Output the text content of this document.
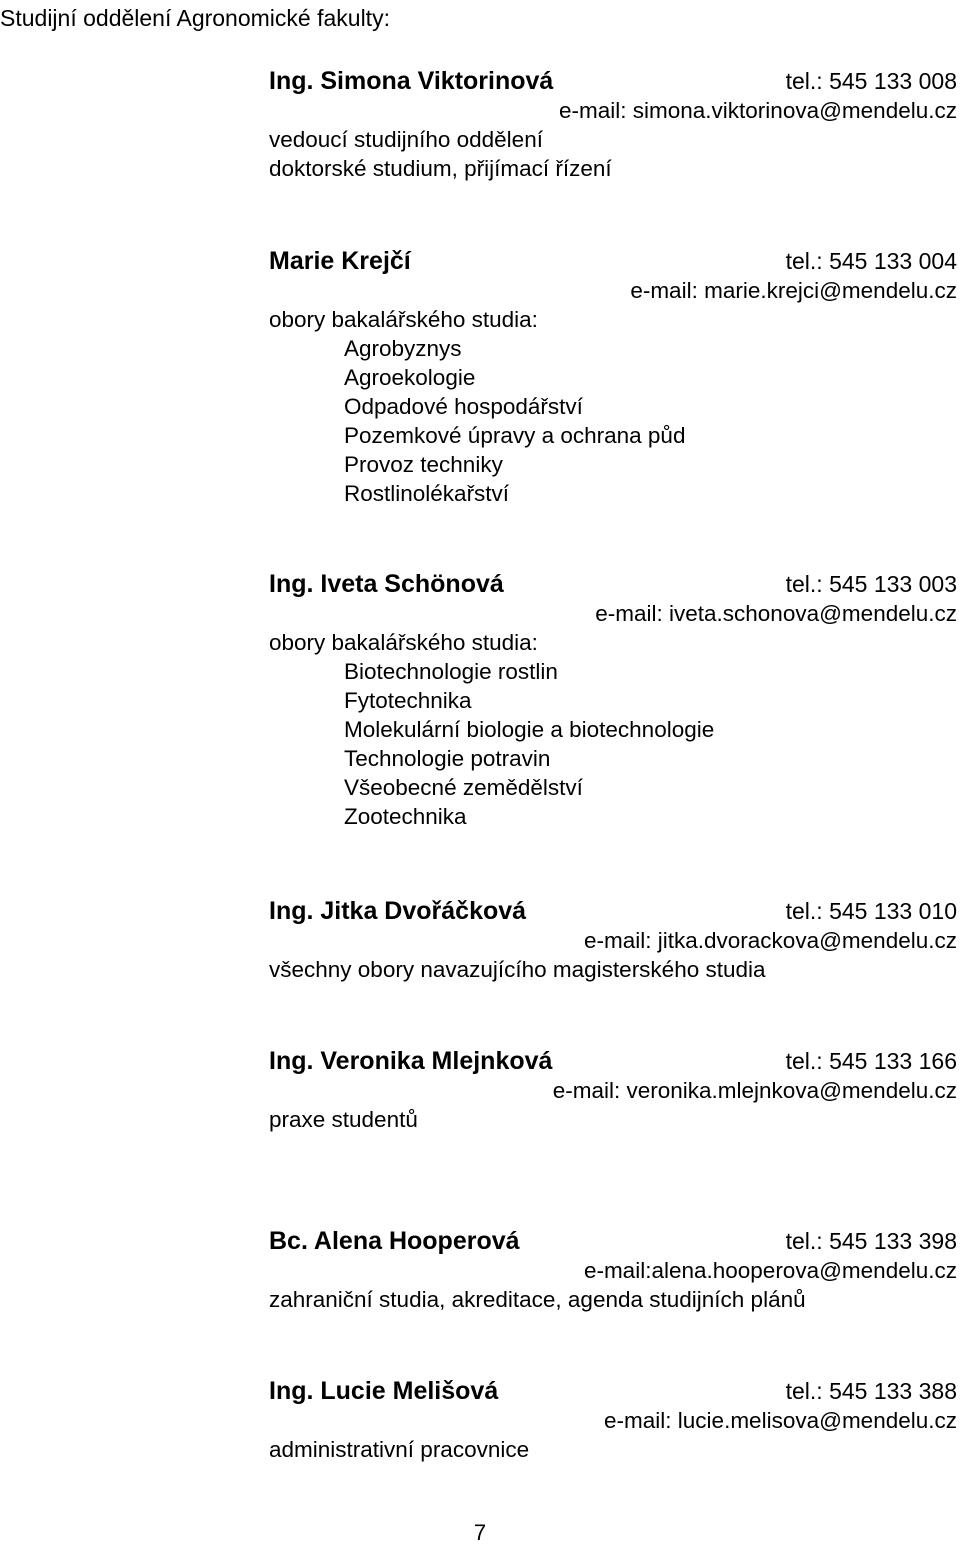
Studijní oddělení Agronomické fakulty:
Ing. Simona Viktorinová	tel.: 545 133 008
e-mail: simona.viktorinova@mendelu.cz
vedoucí studijního oddělení
doktorské studium, přijímací řízení
Marie Krejčí	tel.: 545 133 004
e-mail: marie.krejci@mendelu.cz
obory bakalářského studia:
Agrobyznys
Agroekologie
Odpadové hospodářství
Pozemkové úpravy a ochrana půd
Provoz techniky
Rostlinolékařství
Ing. Iveta Schönová	tel.: 545 133 003
e-mail: iveta.schonova@mendelu.cz
obory bakalářského studia:
Biotechnologie rostlin
Fytotechnika
Molekulární biologie a biotechnologie
Technologie potravin
Všeobecné zemědělství
Zootechnika
Ing. Jitka Dvořáčková	tel.: 545 133 010
e-mail: jitka.dvorackova@mendelu.cz
všechny obory navazujícího magisterského studia
Ing. Veronika Mlejnková	tel.: 545 133 166
e-mail: veronika.mlejnkova@mendelu.cz
praxe studentů
Bc. Alena Hooperová	tel.: 545 133 398
e-mail:alena.hooperova@mendelu.cz
zahraniční studia, akreditace, agenda studijních plánů
Ing. Lucie Melišová	tel.: 545 133 388
e-mail: lucie.melisova@mendelu.cz
administrativní pracovnice
7
